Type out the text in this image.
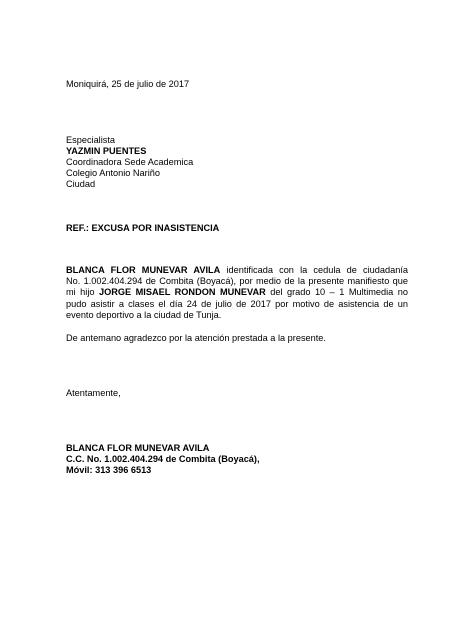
Moniquirá, 25 de julio de 2017
Especialista
YAZMIN PUENTES
Coordinadora Sede Academica
Colegio Antonio Nariño
Ciudad
REF.: EXCUSA POR INASISTENCIA
BLANCA FLOR MUNEVAR AVILA identificada con la cedula de ciudadanía
No. 1.002.404.294 de Combita (Boyacá), por medio de la presente manifiesto que
mi hijo JORGE MISAEL RONDON MUNEVAR del grado 10 – 1 Multimedia no
pudo asistir a clases el día 24 de julio de 2017 por motivo de asistencia de un
evento deportivo a la ciudad de Tunja.
De antemano agradezco por la atención prestada a la presente.
Atentamente,
BLANCA FLOR MUNEVAR AVILA
C.C. No. 1.002.404.294 de Combita (Boyacá),
Móvil: 313 396 6513
